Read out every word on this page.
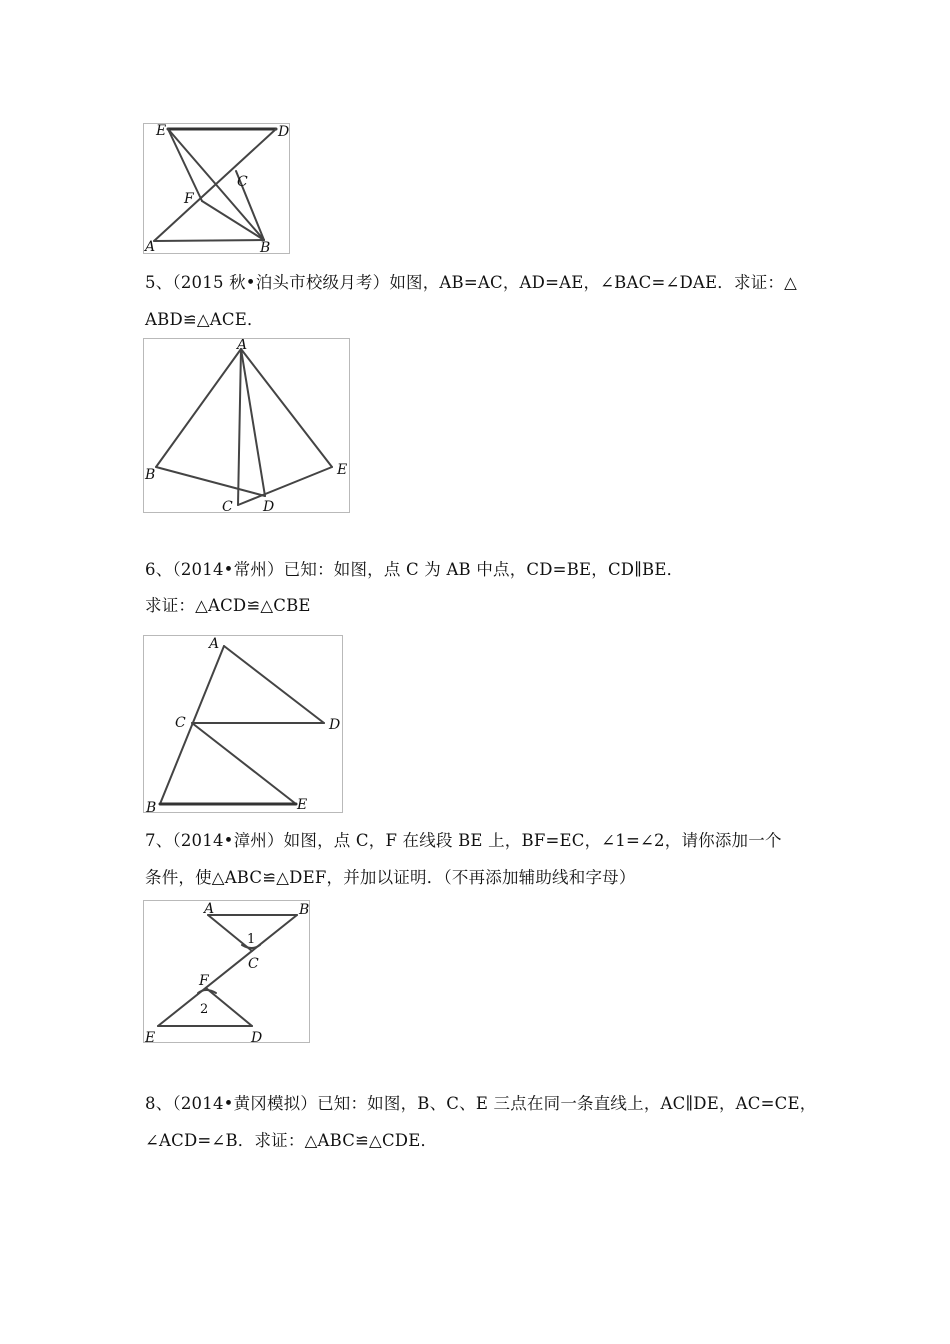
E	D
C
F
A	B
5、（2015 秋•泊头市校级月考）如图，AB=AC，AD=AE，∠BAC=∠DAE．求证：△
ABD≌△ACE．
A
B
C D
E
6、（2014•常州）已知：如图，点 C 为 AB 中点，CD=BE，CD∥BE．
求证：△ACD≌△CBE
A
C	D
B	E
7、（2014•漳州）如图，点 C，F 在线段 BE 上，BF=EC，∠1=∠2，请你添加一个
条件，使△ABC≌△DEF，并加以证明．（不再添加辅助线和字母）
A	B
1
C
F
2
E	D
8、（2014•黄冈模拟）已知：如图，B、C、E 三点在同一条直线上，AC∥DE，AC=CE，
∠ACD=∠B．求证：△ABC≌△CDE．
